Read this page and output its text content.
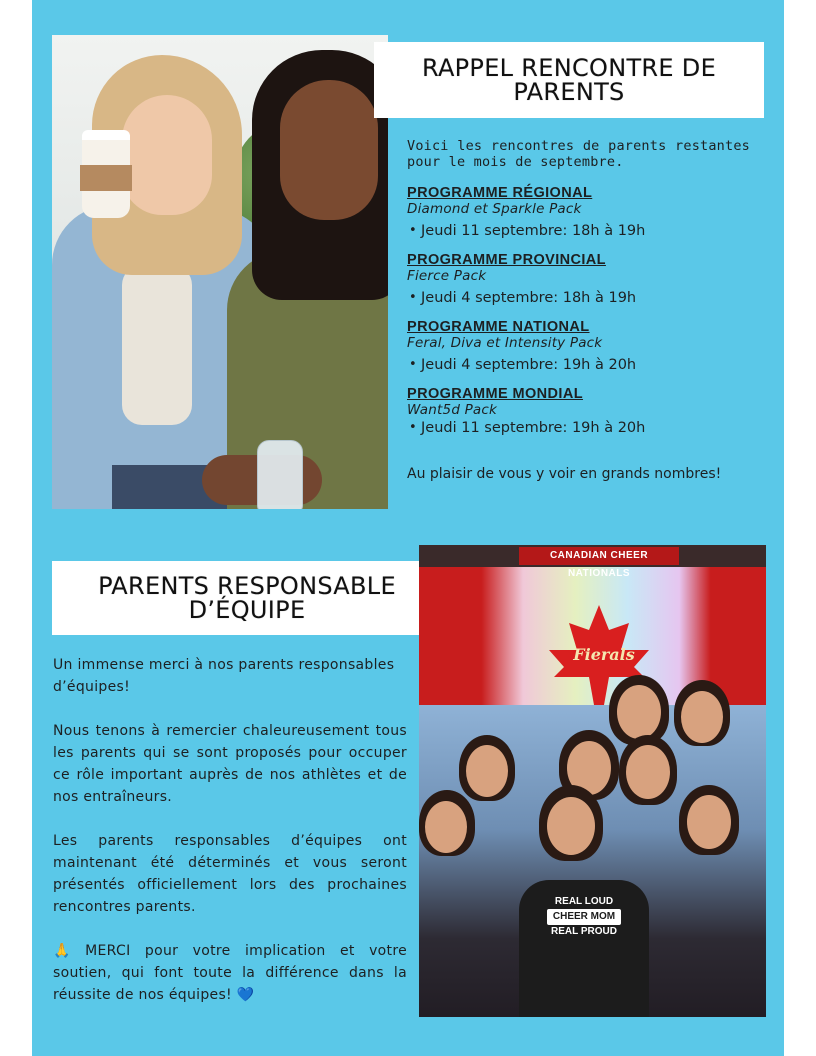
RAPPEL RENCONTRE DE PARENTS

Voici les rencontres de parents restantes pour le mois de septembre.

PROGRAMME RÉGIONAL
Diamond et Sparkle Pack
• Jeudi 11 septembre: 18h à 19h
PROGRAMME PROVINCIAL
Fierce Pack
• Jeudi 4 septembre: 18h à 19h
PROGRAMME NATIONAL
Feral, Diva et Intensity Pack
• Jeudi 4 septembre: 19h à 20h
PROGRAMME MONDIAL
Want5d Pack
• Jeudi 11 septembre: 19h à 20h
Au plaisir de vous y voir en grands nombres!
PARENTS RESPONSABLE D’ÉQUIPE

Un immense merci à nos parents responsables d’équipes!

Nous tenons à remercier chaleureusement tous les parents qui se sont proposés pour occuper ce rôle important auprès de nos athlètes et de nos entraîneurs.

Les parents responsables d’équipes ont maintenant été déterminés et vous seront présentés officiellement lors des prochaines rencontres parents.

🙏 MERCI pour votre implication et votre soutien, qui font toute la différence dans la réussite de nos équipes! 💙

CANADIAN CHEER NATIONALS
Fierals
REAL LOUD
CHEER MOM
REAL PROUD
